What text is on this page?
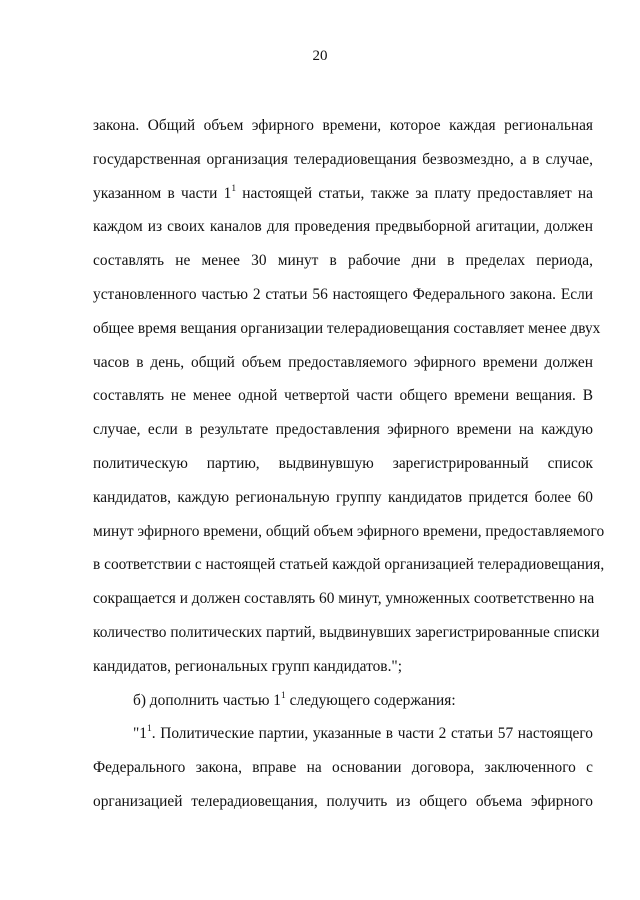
20
закона. Общий объем эфирного времени, которое каждая региональная
государственная организация телерадиовещания безвозмездно, а в случае,
указанном в части $1^1$ настоящей статьи, также за плату предоставляет на
каждом из своих каналов для проведения предвыборной агитации, должен
составлять не менее 30 минут в рабочие дни в пределах периода,
установленного частью 2 статьи 56 настоящего Федерального закона. Если
общее время вещания организации телерадиовещания составляет менее двух
часов в день, общий объем предоставляемого эфирного времени должен
составлять не менее одной четвертой части общего времени вещания. В
случае, если в результате предоставления эфирного времени на каждую
политическую партию, выдвинувшую зарегистрированный список
кандидатов, каждую региональную группу кандидатов придется более 60
минут эфирного времени, общий объем эфирного времени, предоставляемого
в соответствии с настоящей статьей каждой организацией телерадиовещания,
сокращается и должен составлять 60 минут, умноженных соответственно на
количество политических партий, выдвинувших зарегистрированные списки
кандидатов, региональных групп кандидатов.";
б) дополнить частью $1^1$ следующего содержания:
"$1^1$. Политические партии, указанные в части 2 статьи 57 настоящего
Федерального закона, вправе на основании договора, заключенного с
организацией телерадиовещания, получить из общего объема эфирного
